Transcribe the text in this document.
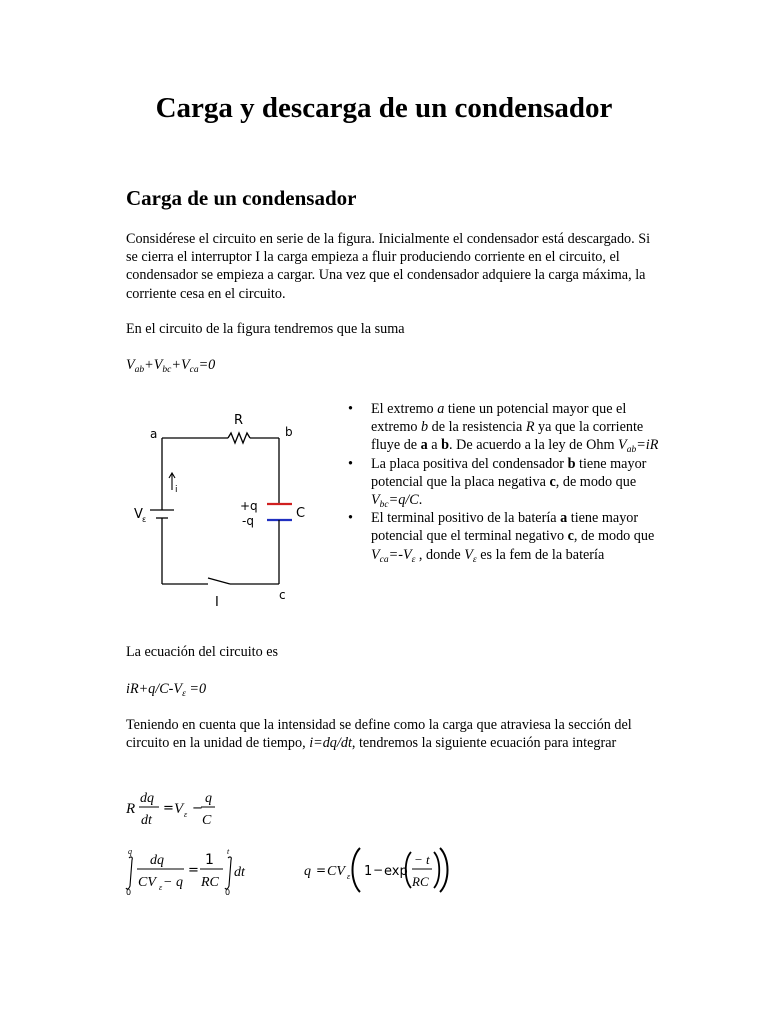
Carga y descarga de un condensador
Carga de un condensador
Considérese el circuito en serie de la figura. Inicialmente el condensador está descargado. Si se cierra el interruptor I la carga empieza a fluir produciendo corriente en el circuito, el condensador se empieza a cargar. Una vez que el condensador adquiere la carga máxima, la corriente cesa en el circuito.
En el circuito de la figura tendremos que la suma
$V_{ab}+V_{bc}+V_{ca}=0$
a	b
c
R
C
+q
-q
V ε
i
I
• El extremo a tiene un potencial mayor que el extremo b de la resistencia R ya que la corriente fluye de a a b. De acuerdo a la ley de Ohm $V_{ab}=iR$
• La placa positiva del condensador b tiene mayor potencial que la placa negativa c, de modo que $V_{bc}=q/C$.
• El terminal positivo de la batería a tiene mayor potencial que el terminal negativo c, de modo que $V_{ca}=-V_\varepsilon$ , donde $V_\varepsilon$ es la fem de la batería
La ecuación del circuito es
$iR+q/C-V_\varepsilon =0$
Teniendo en cuenta que la intensidad se define como la carga que atraviesa la sección del circuito en la unidad de tiempo, i=dq/dt, tendremos la siguiente ecuación para integrar
R
dq
dt
= V ε −
q
C
q
0
dq
CV ε − q
=
1
RC
t
0
dt	q = CV ε 1 − exp
− t
RC
